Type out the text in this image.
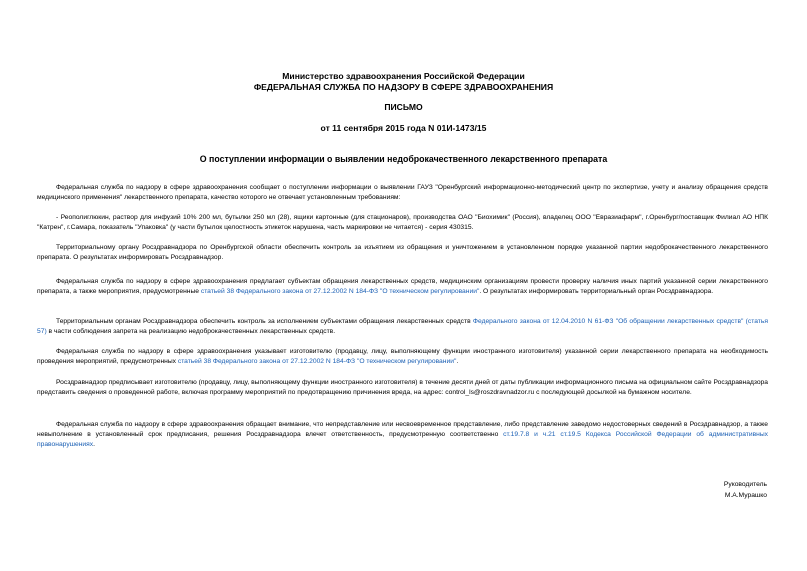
Министерство здравоохранения Российской Федерации
ФЕДЕРАЛЬНАЯ СЛУЖБА ПО НАДЗОРУ В СФЕРЕ ЗДРАВООХРАНЕНИЯ
ПИСЬМО
от 11 сентября 2015 года N 01И-1473/15
О поступлении информации о выявлении недоброкачественного лекарственного препарата
Федеральная служба по надзору в сфере здравоохранения сообщает о поступлении информации о выявлении ГАУЗ "Оренбургский информационно-методический центр по экспертизе, учету и анализу обращения средств медицинского применения" лекарственного препарата, качество которого не отвечает установленным требованиям:
- Реополиглюкин, раствор для инфузий 10% 200 мл, бутылки 250 мл (28), ящики картонные (для стационаров), производства ОАО "Биохимик" (Россия), владелец ООО "Евразиафарм", г.Оренбург/поставщик Филиал АО НПК "Катрен", г.Самара, показатель "Упаковка" (у части бутылок целостность этикеток нарушена, часть маркировки не читается) - серия 430315.
Территориальному органу Росздравнадзора по Оренбургской области обеспечить контроль за изъятием из обращения и уничтожением в установленном порядке указанной партии недоброкачественного лекарственного препарата. О результатах информировать Росздравнадзор.
Федеральная служба по надзору в сфере здравоохранения предлагает субъектам обращения лекарственных средств, медицинским организациям провести проверку наличия иных партий указанной серии лекарственного препарата, а также мероприятия, предусмотренные статьей 38 Федерального закона от 27.12.2002 N 184-ФЗ "О техническом регулировании". О результатах информировать территориальный орган Росздравнадзора.
Территориальным органам Росздравнадзора обеспечить контроль за исполнением субъектами обращения лекарственных средств Федерального закона от 12.04.2010 N 61-ФЗ "Об обращении лекарственных средств" (статья 57) в части соблюдения запрета на реализацию недоброкачественных лекарственных средств.
Федеральная служба по надзору в сфере здравоохранения указывает изготовителю (продавцу, лицу, выполняющему функции иностранного изготовителя) указанной серии лекарственного препарата на необходимость проведения мероприятий, предусмотренных статьей 38 Федерального закона от 27.12.2002 N 184-ФЗ "О техническом регулировании".
Росздравнадзор предписывает изготовителю (продавцу, лицу, выполняющему функции иностранного изготовителя) в течение десяти дней от даты публикации информационного письма на официальном сайте Росздравнадзора представить сведения о проведенной работе, включая программу мероприятий по предотвращению причинения вреда, на адрес: control_ls@roszdravnadzor.ru с последующей досылкой на бумажном носителе.
Федеральная служба по надзору в сфере здравоохранения обращает внимание, что непредставление или несвоевременное представление, либо представление заведомо недостоверных сведений в Росздравнадзор, а также невыполнение в установленный срок предписания, решения Росздравнадзора влечет ответственность, предусмотренную соответственно ст.19.7.8 и ч.21 ст.19.5 Кодекса Российской Федерации об административных правонарушениях.
Руководитель
М.А.Мурашко
